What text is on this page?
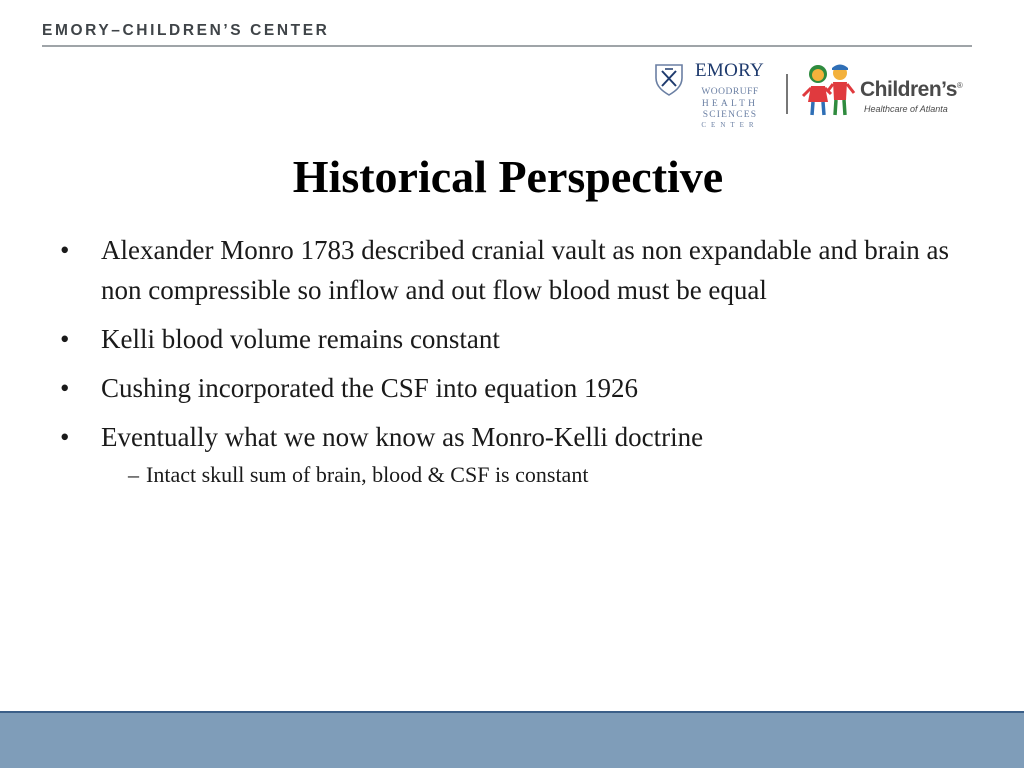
EMORY–CHILDREN’S CENTER
EMORY
WOODRUFF
HEALTH
SCIENCES
CENTER
Children’s®
Healthcare of Atlanta
Historical Perspective
• Alexander Monro 1783 described cranial vault as non expandable and brain as non compressible so inflow and out flow blood must be equal
• Kelli blood volume remains constant
• Cushing incorporated the CSF into equation 1926
• Eventually what we now know as Monro-Kelli doctrine
– Intact skull sum of brain, blood & CSF is constant
